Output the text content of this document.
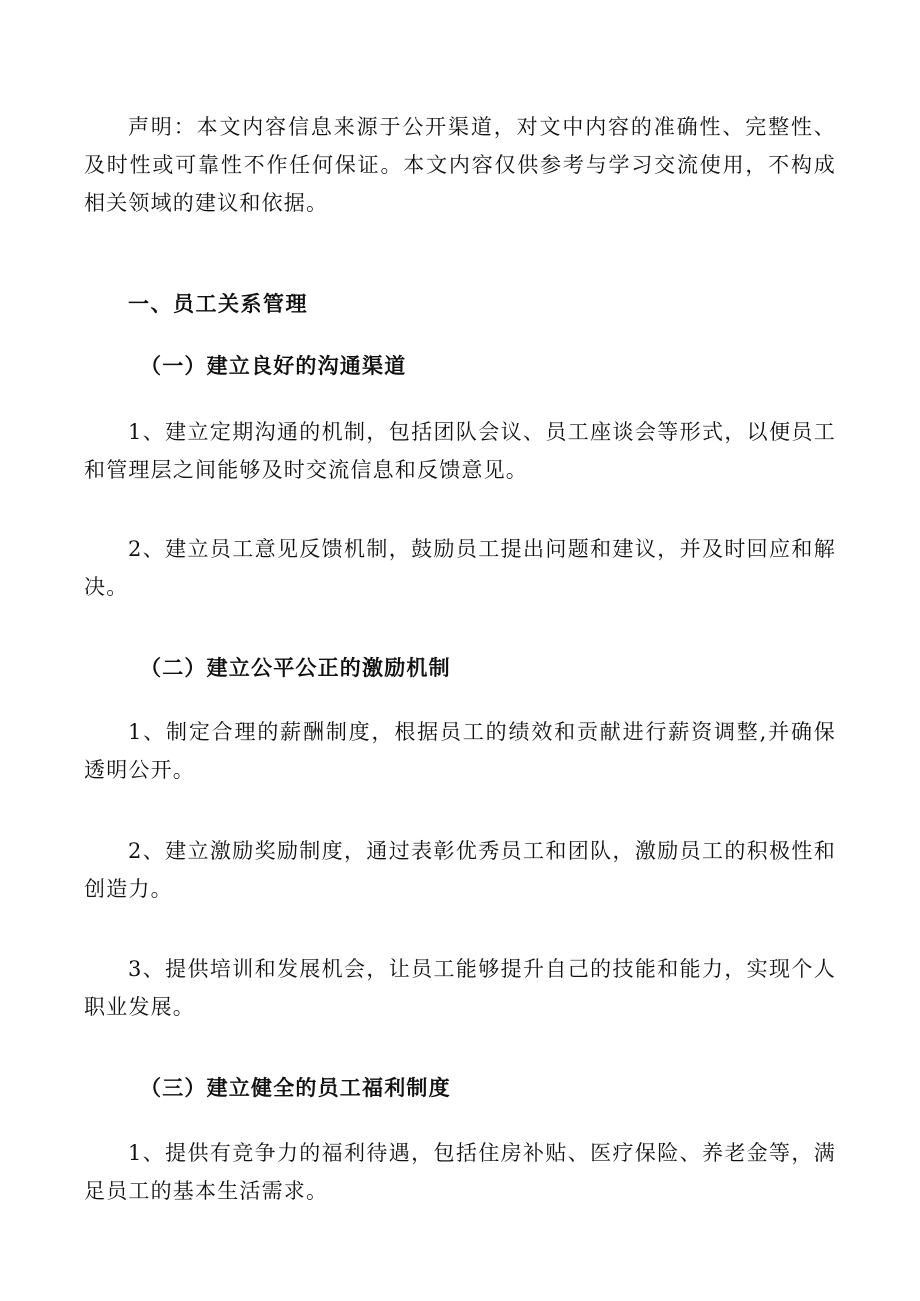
声明：本文内容信息来源于公开渠道，对文中内容的准确性、完整性、及时性或可靠性不作任何保证。本文内容仅供参考与学习交流使用，不构成相关领域的建议和依据。

一、员工关系管理
（一）建立良好的沟通渠道

1、建立定期沟通的机制，包括团队会议、员工座谈会等形式，以便员工和管理层之间能够及时交流信息和反馈意见。

2、建立员工意见反馈机制，鼓励员工提出问题和建议，并及时回应和解决。

（二）建立公平公正的激励机制

1、制定合理的薪酬制度，根据员工的绩效和贡献进行薪资调整,并确保透明公开。

2、建立激励奖励制度，通过表彰优秀员工和团队，激励员工的积极性和创造力。

3、提供培训和发展机会，让员工能够提升自己的技能和能力，实现个人职业发展。

（三）建立健全的员工福利制度

1、提供有竞争力的福利待遇，包括住房补贴、医疗保险、养老金等，满足员工的基本生活需求。
